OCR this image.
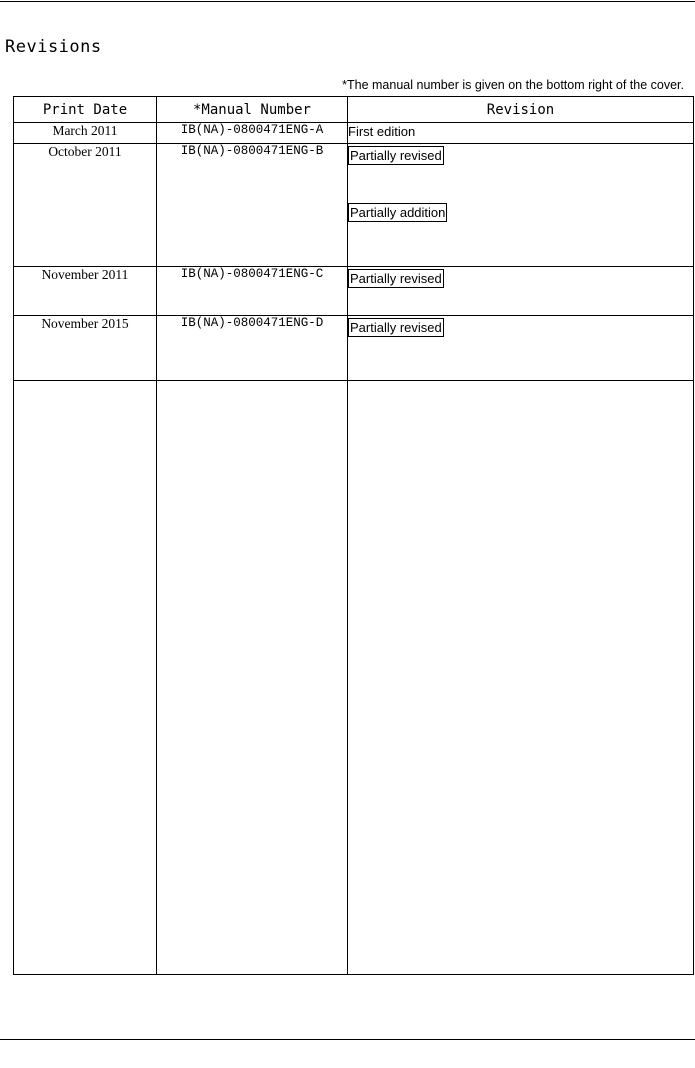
Revisions
*The manual number is given on the bottom right of the cover.
Print Date	*Manual Number	Revision
March 2011	IB(NA)-0800471ENG-A	First edition
October 2011	IB(NA)-0800471ENG-B	Partially revised
Partially addition

November 2011	IB(NA)-0800471ENG-C	Partially revised

November 2015	IB(NA)-0800471ENG-D	Partially revised
